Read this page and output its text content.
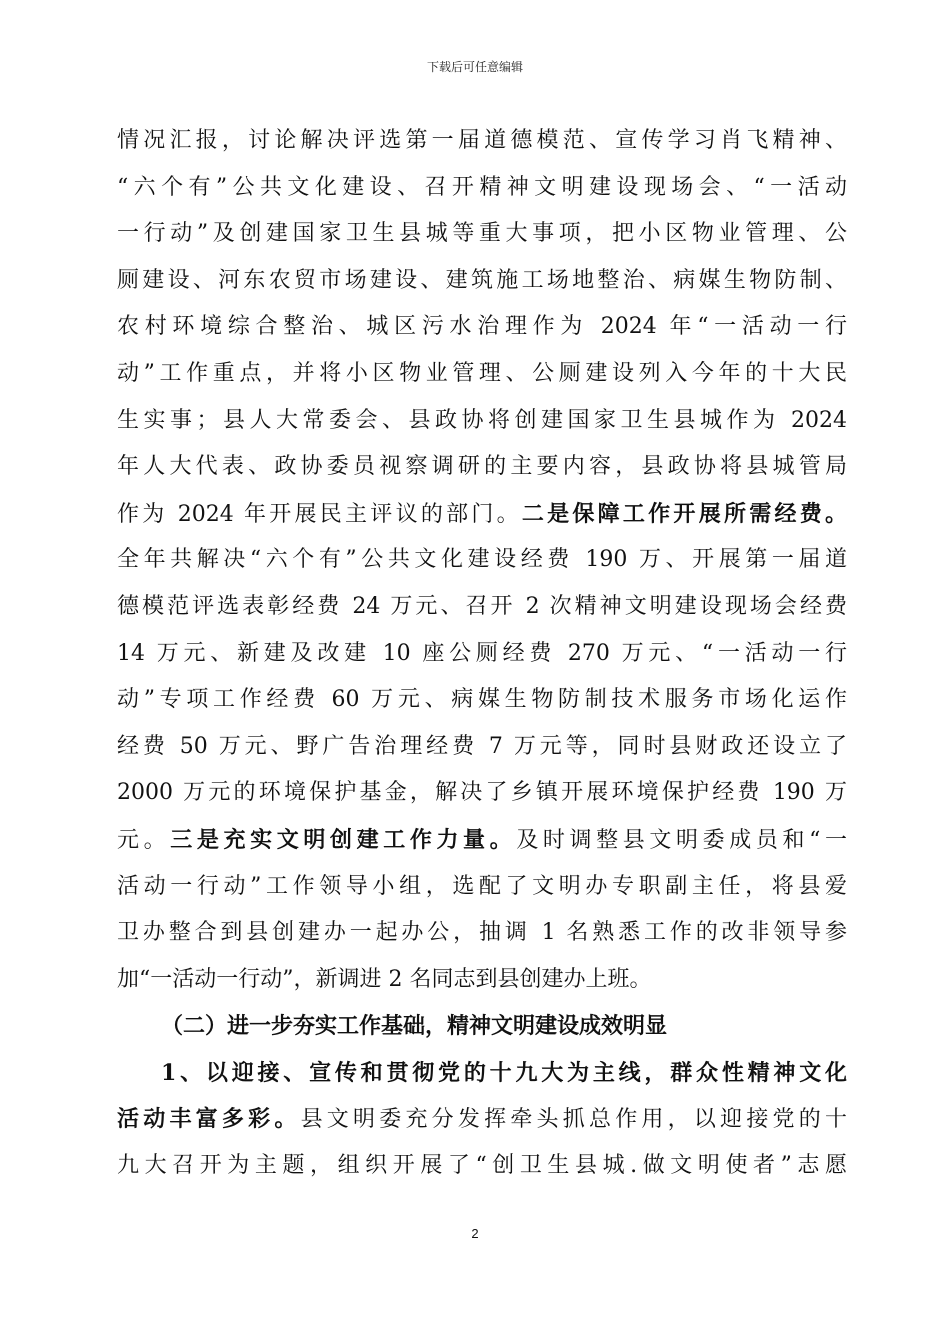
下载后可任意编辑
情况汇报，讨论解决评选第一届道德模范、宣传学习肖飞精神、
“六个有”公共文化建设、召开精神文明建设现场会、“一活动
一行动”及创建国家卫生县城等重大事项，把小区物业管理、公
厕建设、河东农贸市场建设、建筑施工场地整治、病媒生物防制、
农村环境综合整治、城区污水治理作为 2024 年“一活动一行
动”工作重点，并将小区物业管理、公厕建设列入今年的十大民
生实事；县人大常委会、县政协将创建国家卫生县城作为 2024
年人大代表、政协委员视察调研的主要内容，县政协将县城管局
作为 2024 年开展民主评议的部门。二是保障工作开展所需经费。
全年共解决“六个有”公共文化建设经费 190 万、开展第一届道
德模范评选表彰经费 24 万元、召开 2 次精神文明建设现场会经费
14 万元、新建及改建 10 座公厕经费 270 万元、“一活动一行
动”专项工作经费 60 万元、病媒生物防制技术服务市场化运作
经费 50 万元、野广告治理经费 7 万元等，同时县财政还设立了
2000 万元的环境保护基金，解决了乡镇开展环境保护经费 190 万
元。三是充实文明创建工作力量。及时调整县文明委成员和“一
活动一行动”工作领导小组，选配了文明办专职副主任，将县爱
卫办整合到县创建办一起办公，抽调 1 名熟悉工作的改非领导参
加“一活动一行动”，新调进 2 名同志到县创建办上班。
（二）进一步夯实工作基础，精神文明建设成效明显
1、以迎接、宣传和贯彻党的十九大为主线，群众性精神文化
活动丰富多彩。县文明委充分发挥牵头抓总作用，以迎接党的十
九大召开为主题，组织开展了“创卫生县城.做文明使者”志愿
2
